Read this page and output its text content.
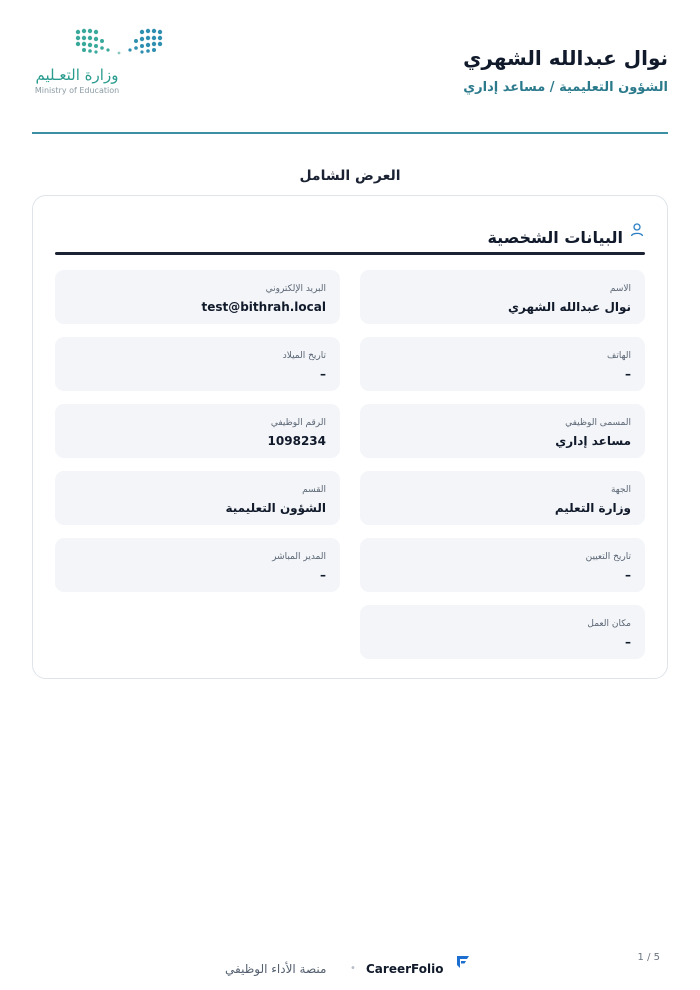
وزارة التعـليم
Ministry of Education
نوال عبدالله الشهري
الشؤون التعليمية / مساعد إداري
العرض الشامل
البيانات الشخصية
الاسم
نوال عبدالله الشهري
البريد الإلكتروني
test@bithrah.local
الهاتف
–
تاريخ الميلاد
–
المسمى الوظيفي
مساعد إداري
الرقم الوظيفي
1098234
الجهة
وزارة التعليم
القسم
الشؤون التعليمية
تاريخ التعيين
–
المدير المباشر
–
مكان العمل
–
منصة الأداء الوظيفي • CareerFolio
1 / 5
